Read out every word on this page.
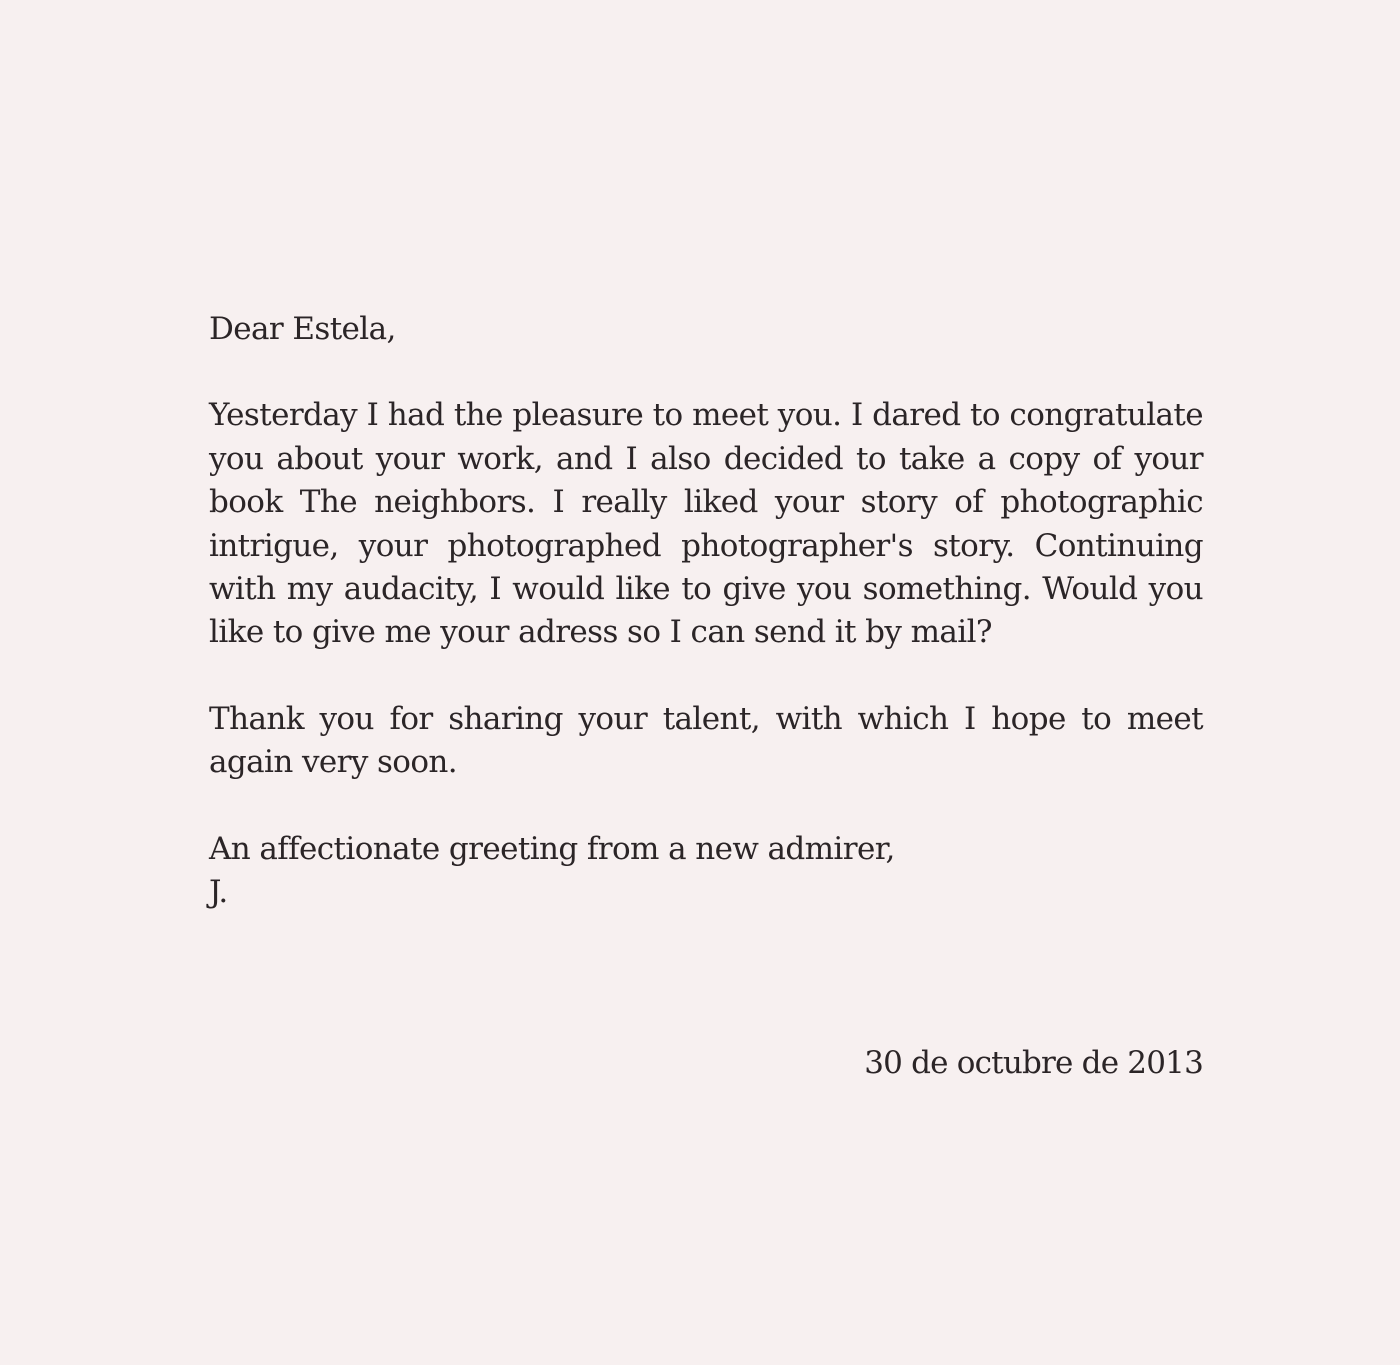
Dear Estela,

Yesterday I had the pleasure to meet you. I dared to congratulate you about your work, and I also decided to take a copy of your book The neighbors. I really liked your story of photographic intrigue, your photographed photographer's story. Continuing with my audacity, I would like to give you something. Would you like to give me your adress so I can send it by mail?

Thank you for sharing your talent, with which I hope to meet again very soon.

An affectionate greeting from a new admirer,

J.

30 de octubre de 2013
